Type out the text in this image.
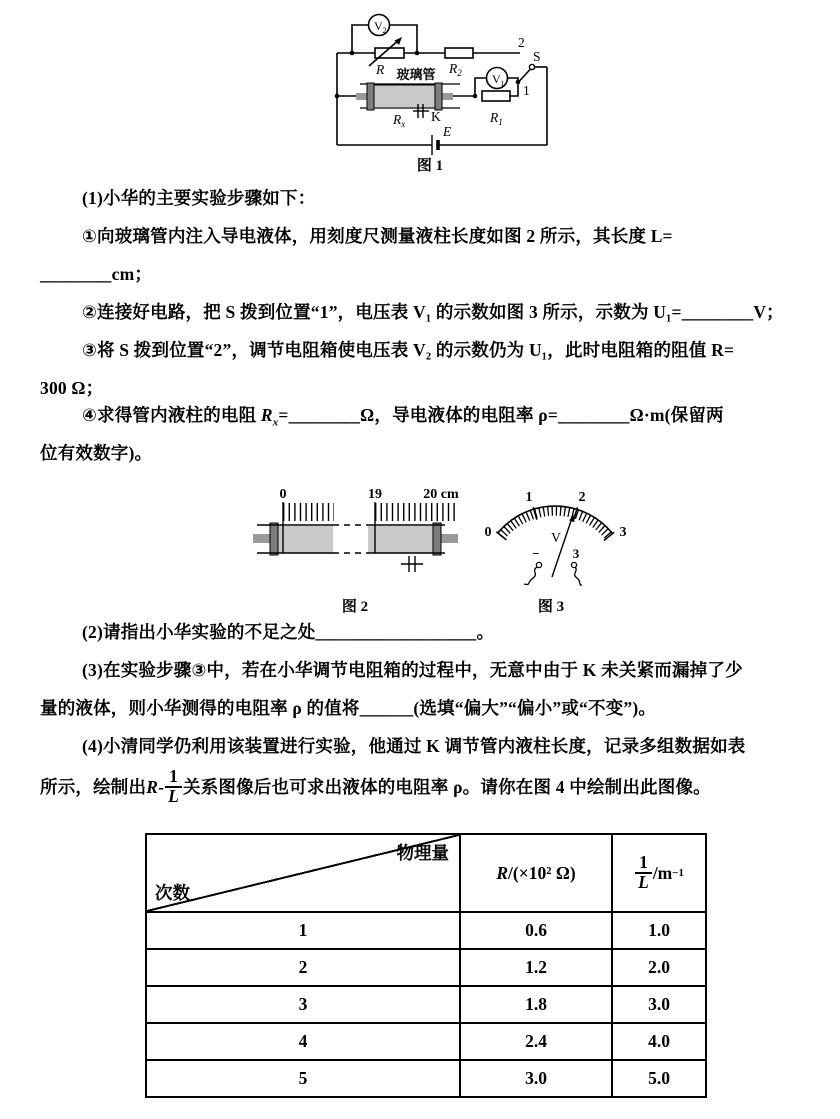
$V_2$
R	$R_2$
2
S
1
玻璃管
$R_x$ K
$V_1$
$R_1$
E
图 1
(1)小华的主要实验步骤如下：
①向玻璃管内注入导电液体，用刻度尺测量液柱长度如图 2 所示，其长度 L=
________cm；
②连接好电路，把 S 拨到位置“1”，电压表 V₁ 的示数如图 3 所示，示数为 U₁=________V；
③将 S 拨到位置“2”，调节电阻箱使电压表 V₂ 的示数仍为 U₁，此时电阻箱的阻值 R=
300 Ω；
④求得管内液柱的电阻 $R_x=\_\_\_\_\_\_\_\_\Omega$，导电液体的电阻率 ρ=________Ω·m(保留两
位有效数字)。
(2)请指出小华实验的不足之处__________________。
(3)在实验步骤③中，若在小华调节电阻箱的过程中，无意中由于 K 未关紧而漏掉了少
量的液体，则小华测得的电阻率 ρ 的值将______(选填“偏大”“偏小”或“不变”)。
(4)小清同学仍利用该装置进行实验，他通过 K 调节管内液柱长度，记录多组数据如表
所示，绘制出 R - $\frac{1}{L}$ 关系图像后也可求出液体的电阻率 ρ。请你在图 4 中绘制出此图像。
0	19	20 cm
图 2
0
1	2
3
V
−	3
图 3
物理量
次数	R/(×10² Ω)	$\frac{1}{L} /m -1$

1	0.6	1.0
2	1.2	2.0
3	1.8	3.0
4	2.4	4.0
5	3.0	5.0
